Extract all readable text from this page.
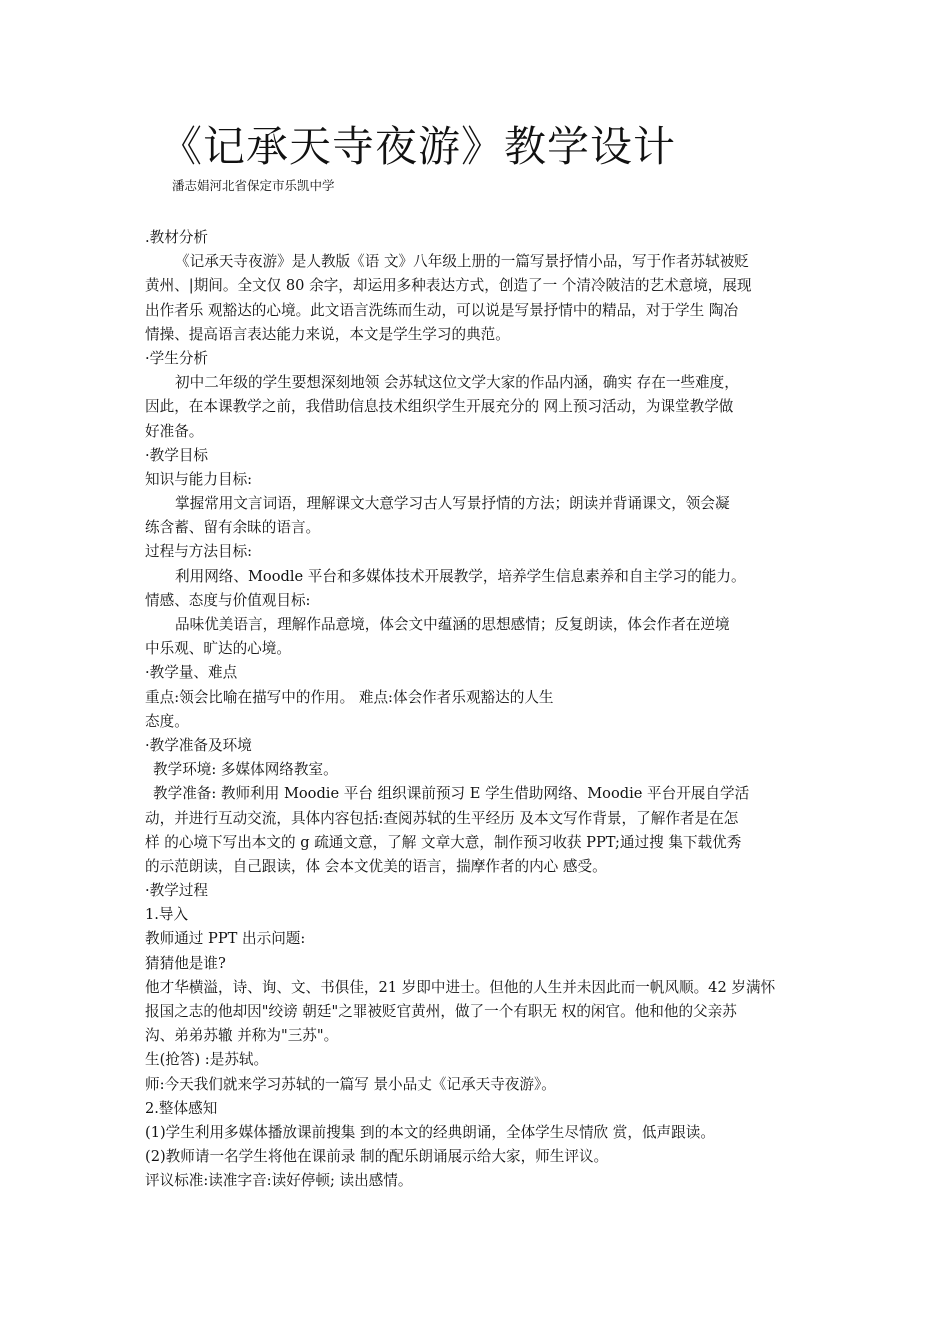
《记承天寺夜游》教学设计
潘志娟河北省保定市乐凯中学
.教材分析
《记承天寺夜游》是人教版《语 文》八年级上册的一篇写景抒情小品，写于作者苏轼被贬
黄州、|期间。全文仅 80 余字，却运用多种表达方式，创造了一 个清冷陂洁的艺术意境，展现
出作者乐 观豁达的心境。此文语言洗练而生动，可以说是写景抒情中的精品，对于学生 陶冶
情操、提高语言表达能力来说，本文是学生学习的典范。
·学生分析
初中二年级的学生要想深刻地领 会苏轼这位文学大家的作品内涵，确实 存在一些难度，
因此，在本课教学之前，我借助信息技术组织学生开展充分的 网上预习活动，为课堂教学做
好准备。
·教学目标
知识与能力目标:
掌握常用文言词语，理解课文大意学习古人写景抒情的方法；朗读并背诵课文，领会凝
练含蓄、留有余昧的语言。
过程与方法目标:
利用网络、Moodle 平台和多媒体技术开展教学，培养学生信息素养和自主学习的能力。
情感、态度与价值观目标:
品味优美语言，理解作品意境，体会文中蕴涵的思想感情；反复朗读，体会作者在逆境
中乐观、旷达的心境。
·教学量、难点
重点:领会比喻在描写中的作用。 难点:体会作者乐观豁达的人生
态度。
·教学准备及环境
教学环境: 多媒体网络教室。
教学准备: 教师利用 Moodie 平台 组织课前预习 E 学生借助网络、Moodie 平台开展自学活
动，并进行互动交流，具体内容包括:查阅苏轼的生平经历 及本文写作背景，了解作者是在怎
样 的心境下写出本文的 g 疏通文意，了解 文章大意，制作预习收获 PPT;通过搜 集下载优秀
的示范朗读，自己跟读，体 会本文优美的语言，揣摩作者的内心 感受。
·教学过程
1.导入
教师通过 PPT 出示问题:
猜猜他是谁?
他才华横溢，诗、询、文、书俱佳，21 岁即中进士。但他的人生并未因此而一帆风顺。42 岁满怀
报国之志的他却因"绞谤 朝廷"之罪被贬官黄州，做了一个有职无 权的闲官。他和他的父亲苏
沟、弟弟苏辙 并称为"三苏"。
生(抢答) :是苏轼。
师:今天我们就来学习苏轼的一篇写 景小品丈《记承天寺夜游》。
2.整体感知
(1)学生利用多媒体播放课前搜集 到的本文的经典朗诵，全体学生尽情欣 赏，低声跟读。
(2)教师请一名学生将他在课前录 制的配乐朗诵展示给大家，师生评议。
评议标准:读准字音:读好停顿; 读出感情。
